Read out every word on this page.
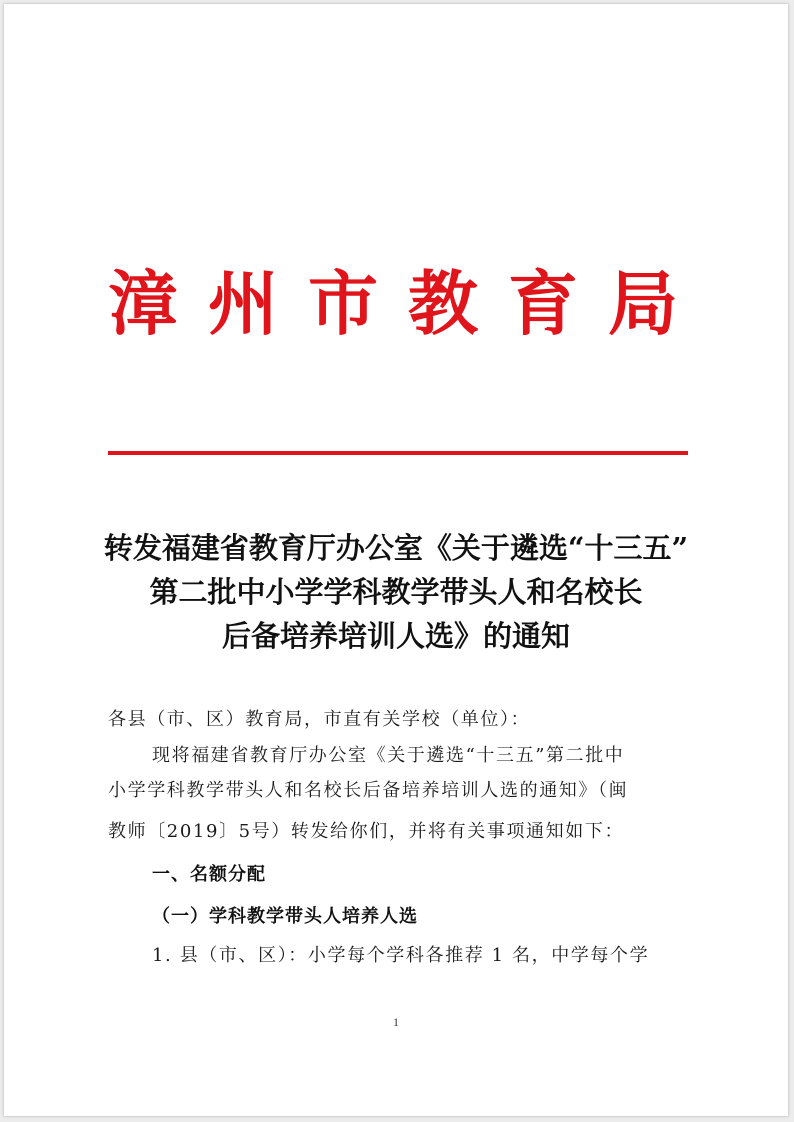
漳州市教育局
转发福建省教育厅办公室《关于遴选“十三五”
第二批中小学学科教学带头人和名校长
后备培养培训人选》的通知
各县（市、区）教育局，市直有关学校（单位）：
现将福建省教育厅办公室《关于遴选“十三五”第二批中
小学学科教学带头人和名校长后备培养培训人选的通知》（闽
教师〔2019〕5号）转发给你们，并将有关事项通知如下：
一、名额分配
（一）学科教学带头人培养人选
1. 县（市、区）：小学每个学科各推荐 1 名，中学每个学
1
